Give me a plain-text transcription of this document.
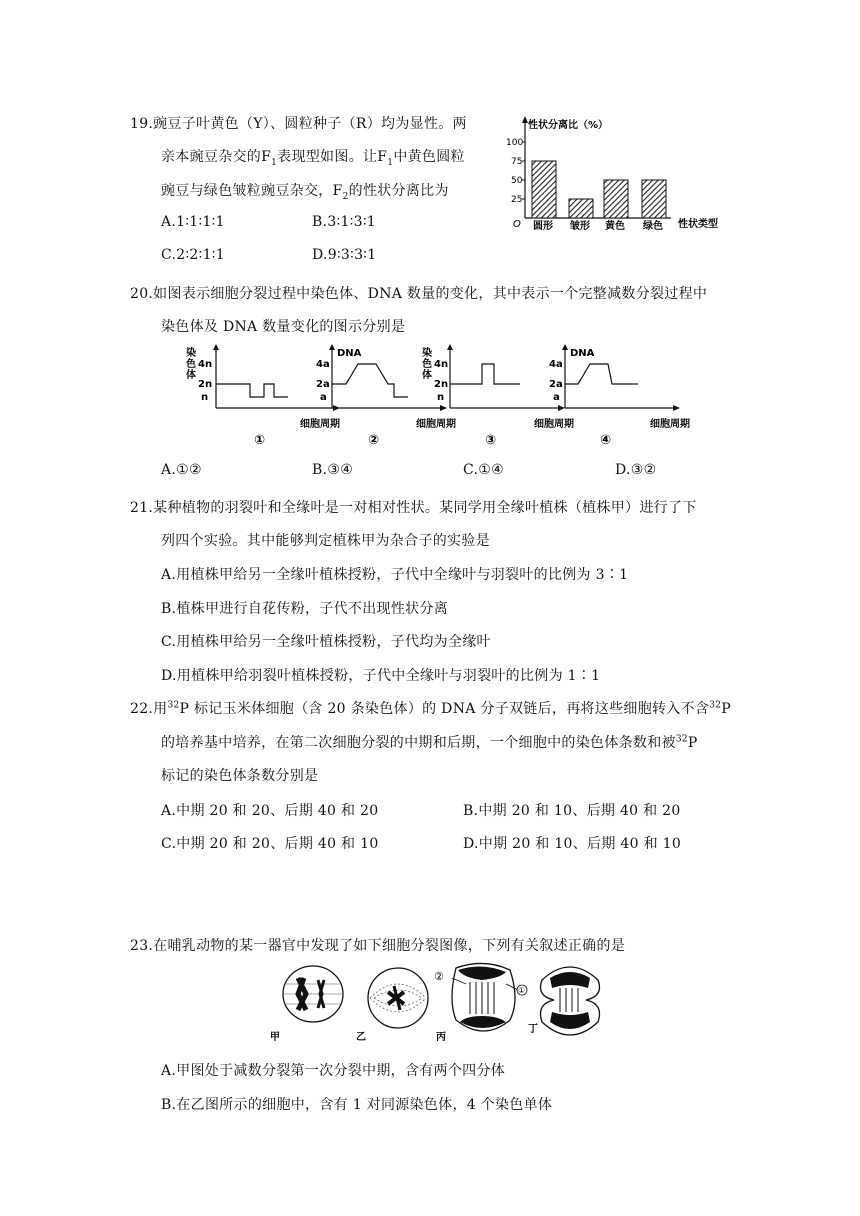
19.豌豆子叶黄色（Y）、圆粒种子（R）均为显性。两
亲本豌豆杂交的$F_1$表现型如图。让$F_1$中黄色圆粒
豌豆与绿色皱粒豌豆杂交，$F_2$的性状分离比为
A.1∶1∶1∶1	B.3∶1∶3∶1
C.2∶2∶1∶1	D.9∶3∶3∶1
性状分离比（%）
O
100
75
50
25
圆形 皱形 黄色 绿色 性状类型
20.如图表示细胞分裂过程中染色体、DNA 数量的变化，其中表示一个完整减数分裂过程中
染色体及 DNA 数量变化的图示分别是
染
色
体
4n
2n
n
细胞周期
①
DNA
4a
2a
a
细胞周期
②
染
色
体
4n
2n
n
细胞周期
③
DNA
4a
2a
a
细胞周期
④
A.①②	B.③④	C.①④	D.③②
21.某种植物的羽裂叶和全缘叶是一对相对性状。某同学用全缘叶植株（植株甲）进行了下
列四个实验。其中能够判定植株甲为杂合子的实验是
A.用植株甲给另一全缘叶植株授粉，子代中全缘叶与羽裂叶的比例为 3∶1
B.植株甲进行自花传粉，子代不出现性状分离
C.用植株甲给另一全缘叶植株授粉，子代均为全缘叶
D.用植株甲给羽裂叶植株授粉，子代中全缘叶与羽裂叶的比例为 1∶1
22.用$^{32}$P 标记玉米体细胞（含 20 条染色体）的 DNA 分子双链后，再将这些细胞转入不含$^{32}$P
的培养基中培养，在第二次细胞分裂的中期和后期，一个细胞中的染色体条数和被$^{32}$P
标记的染色体条数分别是
A.中期 20 和 20、后期 40 和 20	B.中期 20 和 10、后期 40 和 20
C.中期 20 和 20、后期 40 和 10	D.中期 20 和 10、后期 40 和 10
23.在哺乳动物的某一器官中发现了如下细胞分裂图像，下列有关叙述正确的是
甲	乙
①
②
丙
丁
A.甲图处于减数分裂第一次分裂中期，含有两个四分体
B.在乙图所示的细胞中，含有 1 对同源染色体，4 个染色单体
